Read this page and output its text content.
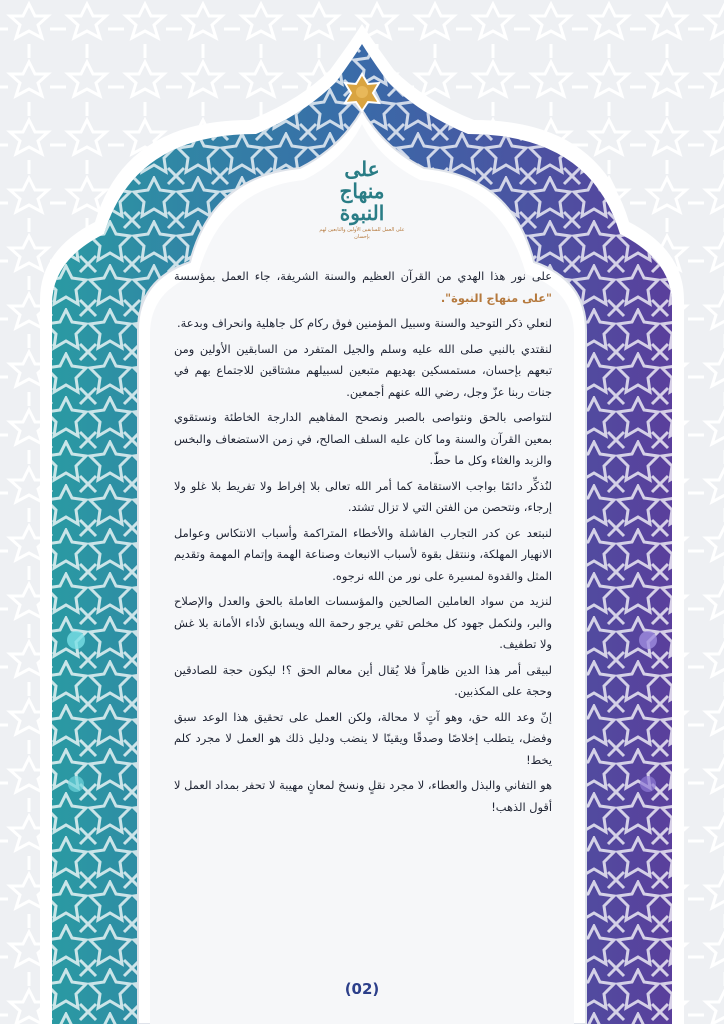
على
منهاج
النبوة
على العمل للسابقين الأولين والتابعين لهم بإحسان

على نور هذا الهدي من القرآن العظيم والسنة الشريفة، جاء العمل بمؤسسة "على منهاج النبوة".

لنعلي ذكر التوحيد والسنة وسبيل المؤمنين فوق ركام كل جاهلية وانحراف وبدعة.

لنقتدي بالنبي صلى الله عليه وسلم والجيل المتفرد من السابقين الأولين ومن تبعهم بإحسان، مستمسكين بهديهم متبعين لسبيلهم مشتاقين للاجتماع بهم في جنات ربنا عزّ وجل، رضي الله عنهم أجمعين.

لنتواصى بالحق ونتواصى بالصبر ونصحح المفاهيم الدارجة الخاطئة ونستقوي بمعين القرآن والسنة وما كان عليه السلف الصالح، في زمن الاستضعاف والبخس والزبد والغثاء وكل ما حطّ.

لنُذكِّر دائمًا بواجب الاستقامة كما أمر الله تعالى بلا إفراط ولا تفريط بلا غلو ولا إرجاء، ونتحصن من الفتن التي لا تزال تشتد.

لنبتعد عن كدر التجارب الفاشلة والأخطاء المتراكمة وأسباب الانتكاس وعوامل الانهيار المهلكة، وننتقل بقوة لأسباب الانبعاث وصناعة الهمة وإتمام المهمة وتقديم المثل والقدوة لمسيرة على نور من الله نرجوه.

لنزيد من سواد العاملين الصالحين والمؤسسات العاملة بالحق والعدل والإصلاح والبر، ولنكمل جهود كل مخلص تقي يرجو رحمة الله ويسابق لأداء الأمانة بلا غش ولا تطفيف.

لبيقى أمر هذا الدين ظاهراً فلا يُقال أين معالم الحق ؟! ليكون حجة للصادقين وحجة على المكذبين.

إنّ وعد الله حق، وهو آتٍ لا محالة، ولكن العمل على تحقيق هذا الوعد سبق وفضل، يتطلب إخلاصًا وصدقًا ويقينًا لا ينضب ودليل ذلك هو العمل لا مجرد كلم يخط!

هو التفاني والبذل والعطاء، لا مجرد نقلٍ ونسخ لمعانٍ مهيبة لا تحفر بمداد العمل لا أقول الذهب!

(02)
